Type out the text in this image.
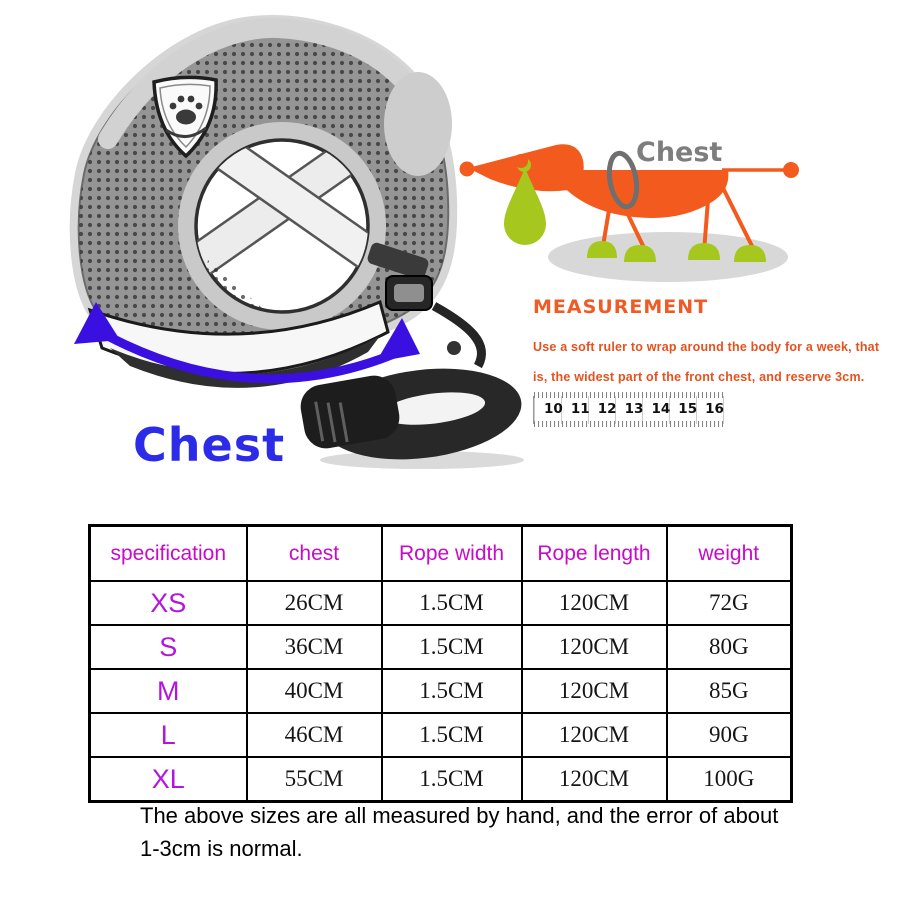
Chest
Chest
MEASUREMENT
Use a soft ruler to wrap around the body for a week, that
is, the widest part of the front chest, and reserve 3cm.
10 11 12 13 14 15 16
specification	chest	Rope width	Rope length	weight
XS	26CM	1.5CM	120CM	72G
S	36CM	1.5CM	120CM	80G
M	40CM	1.5CM	120CM	85G
L	46CM	1.5CM	120CM	90G
XL	55CM	1.5CM	120CM	100G
The above sizes are all measured by hand, and the error of about 1-3cm is normal.
